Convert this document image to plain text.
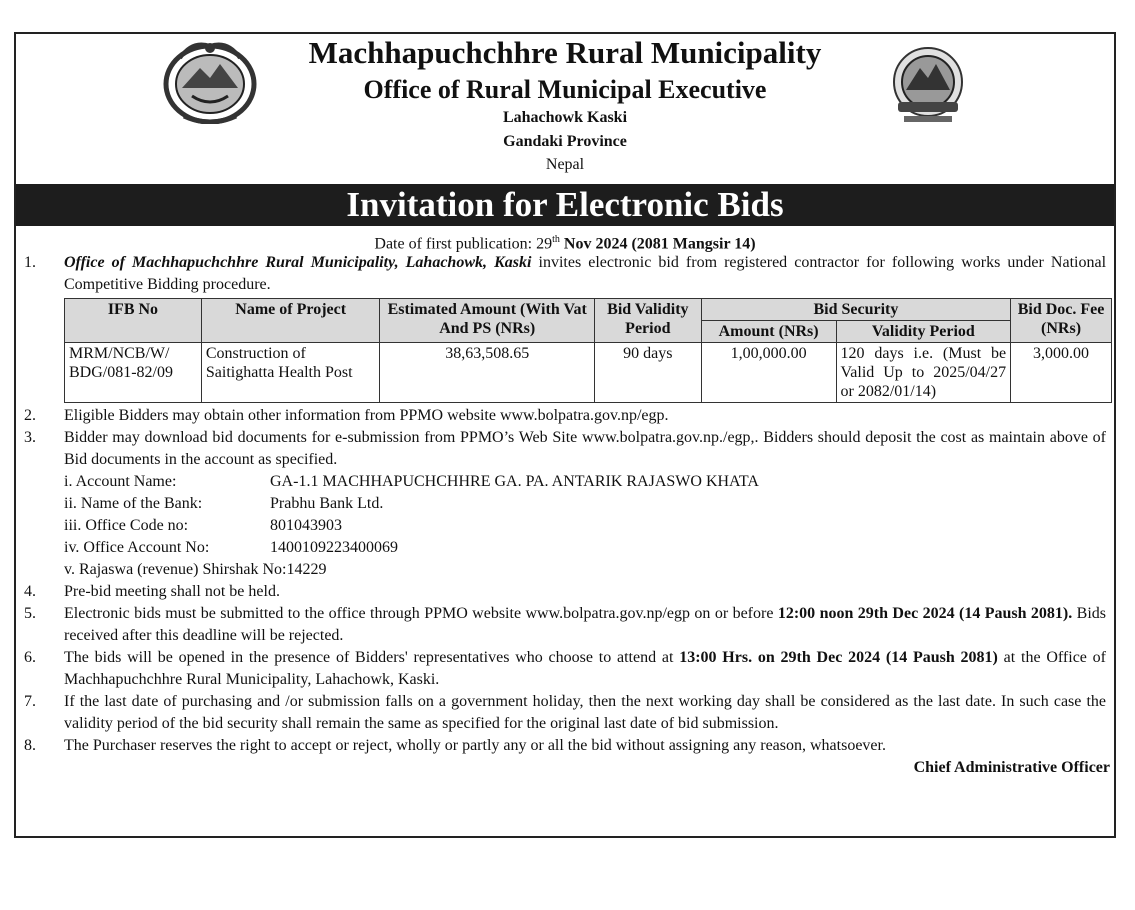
Machhapuchchhre Rural Municipality
Office of Rural Municipal Executive
Lahachowk Kaski
Gandaki Province
Nepal
Invitation for Electronic Bids
Date of first publication: 29th Nov 2024 (2081 Mangsir 14)
1. Office of Machhapuchchhre Rural Municipality, Lahachowk, Kaski invites electronic bid from registered contractor for following works under National Competitive Bidding procedure.
IFB No	Name of Project	Estimated Amount (With Vat And PS (NRs)	Bid Validity Period	Bid Security		Bid Doc. Fee (NRs)
				Amount (NRs)	Validity Period	
MRM/NCB/W/ BDG/081-82/09	Construction of Saitighatta Health Post	38,63,508.65	90 days	1,00,000.00	120 days i.e. (Must be Valid Up to 2025/04/27 or 2082/01/14)	3,000.00
2. Eligible Bidders may obtain other information from PPMO website www.bolpatra.gov.np/egp.
3. Bidder may download bid documents for e-submission from PPMO’s Web Site www.bolpatra.gov.np./egp,. Bidders should deposit the cost as maintain above of Bid documents in the account as specified.
i. Account Name:	GA-1.1 MACHHAPUCHCHHRE GA. PA. ANTARIK RAJASWO KHATA
ii. Name of the Bank:	Prabhu Bank Ltd.
iii. Office Code no:	801043903
iv. Office Account No:	1400109223400069
v. Rajaswa (revenue) Shirshak No:14229
4. Pre-bid meeting shall not be held.
5. Electronic bids must be submitted to the office through PPMO website www.bolpatra.gov.np/egp on or before 12:00 noon 29th Dec 2024 (14 Paush 2081). Bids received after this deadline will be rejected.
6. The bids will be opened in the presence of Bidders' representatives who choose to attend at 13:00 Hrs. on 29th Dec 2024 (14 Paush 2081) at the Office of Machhapuchchhre Rural Municipality, Lahachowk, Kaski.
7. If the last date of purchasing and /or submission falls on a government holiday, then the next working day shall be considered as the last date. In such case the validity period of the bid security shall remain the same as specified for the original last date of bid submission.
8. The Purchaser reserves the right to accept or reject, wholly or partly any or all the bid without assigning any reason, whatsoever.
Chief Administrative Officer
